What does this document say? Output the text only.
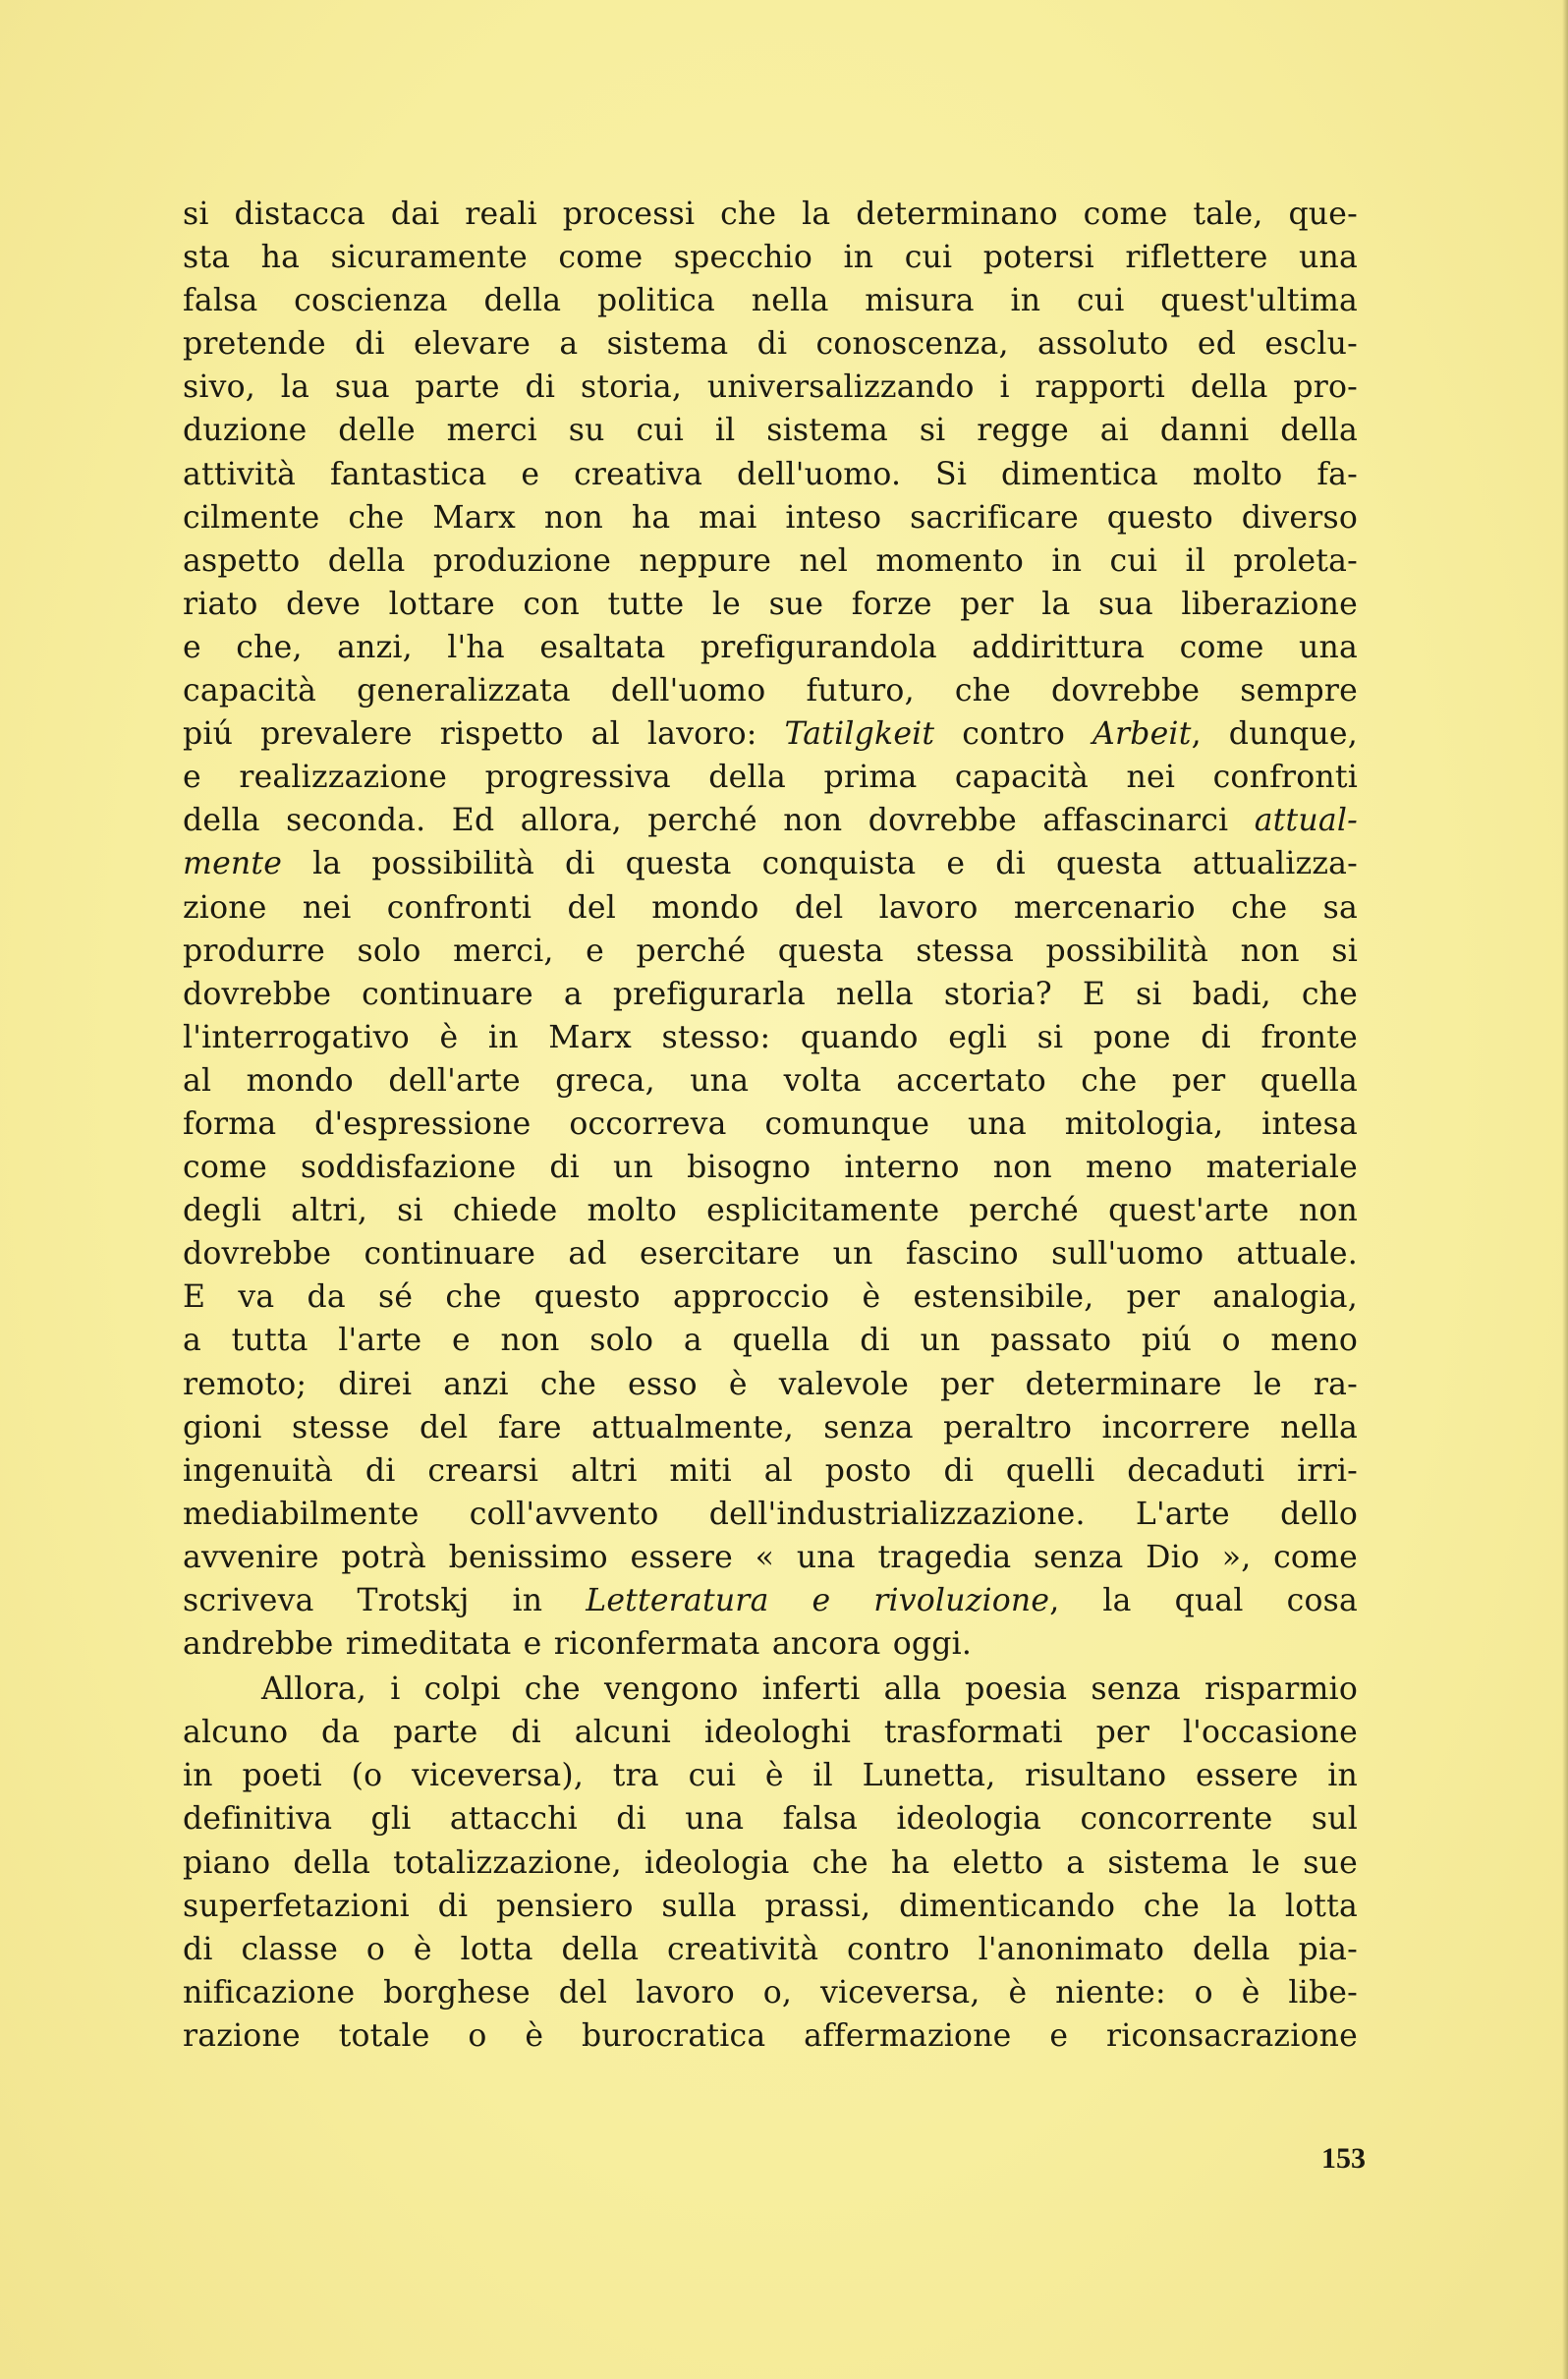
si distacca dai reali processi che la determinano come tale, que-
sta ha sicuramente come specchio in cui potersi riflettere una
falsa coscienza della politica nella misura in cui quest'ultima
pretende di elevare a sistema di conoscenza, assoluto ed esclu-
sivo, la sua parte di storia, universalizzando i rapporti della pro-
duzione delle merci su cui il sistema si regge ai danni della
attività fantastica e creativa dell'uomo. Si dimentica molto fa-
cilmente che Marx non ha mai inteso sacrificare questo diverso
aspetto della produzione neppure nel momento in cui il proleta-
riato deve lottare con tutte le sue forze per la sua liberazione
e che, anzi, l'ha esaltata prefigurandola addirittura come una
capacità generalizzata dell'uomo futuro, che dovrebbe sempre
piú prevalere rispetto al lavoro: Tatilgkeit contro Arbeit, dunque,
e realizzazione progressiva della prima capacità nei confronti
della seconda. Ed allora, perché non dovrebbe affascinarci attual-
mente la possibilità di questa conquista e di questa attualizza-
zione nei confronti del mondo del lavoro mercenario che sa
produrre solo merci, e perché questa stessa possibilità non si
dovrebbe continuare a prefigurarla nella storia? E si badi, che
l'interrogativo è in Marx stesso: quando egli si pone di fronte
al mondo dell'arte greca, una volta accertato che per quella
forma d'espressione occorreva comunque una mitologia, intesa
come soddisfazione di un bisogno interno non meno materiale
degli altri, si chiede molto esplicitamente perché quest'arte non
dovrebbe continuare ad esercitare un fascino sull'uomo attuale.
E va da sé che questo approccio è estensibile, per analogia,
a tutta l'arte e non solo a quella di un passato piú o meno
remoto; direi anzi che esso è valevole per determinare le ra-
gioni stesse del fare attualmente, senza peraltro incorrere nella
ingenuità di crearsi altri miti al posto di quelli decaduti irri-
mediabilmente coll'avvento dell'industrializzazione. L'arte dello
avvenire potrà benissimo essere « una tragedia senza Dio », come
scriveva Trotskj in Letteratura e rivoluzione, la qual cosa
andrebbe rimeditata e riconfermata ancora oggi.
Allora, i colpi che vengono inferti alla poesia senza risparmio
alcuno da parte di alcuni ideologhi trasformati per l'occasione
in poeti (o viceversa), tra cui è il Lunetta, risultano essere in
definitiva gli attacchi di una falsa ideologia concorrente sul
piano della totalizzazione, ideologia che ha eletto a sistema le sue
superfetazioni di pensiero sulla prassi, dimenticando che la lotta
di classe o è lotta della creatività contro l'anonimato della pia-
nificazione borghese del lavoro o, viceversa, è niente: o è libe-
razione totale o è burocratica affermazione e riconsacrazione
153
